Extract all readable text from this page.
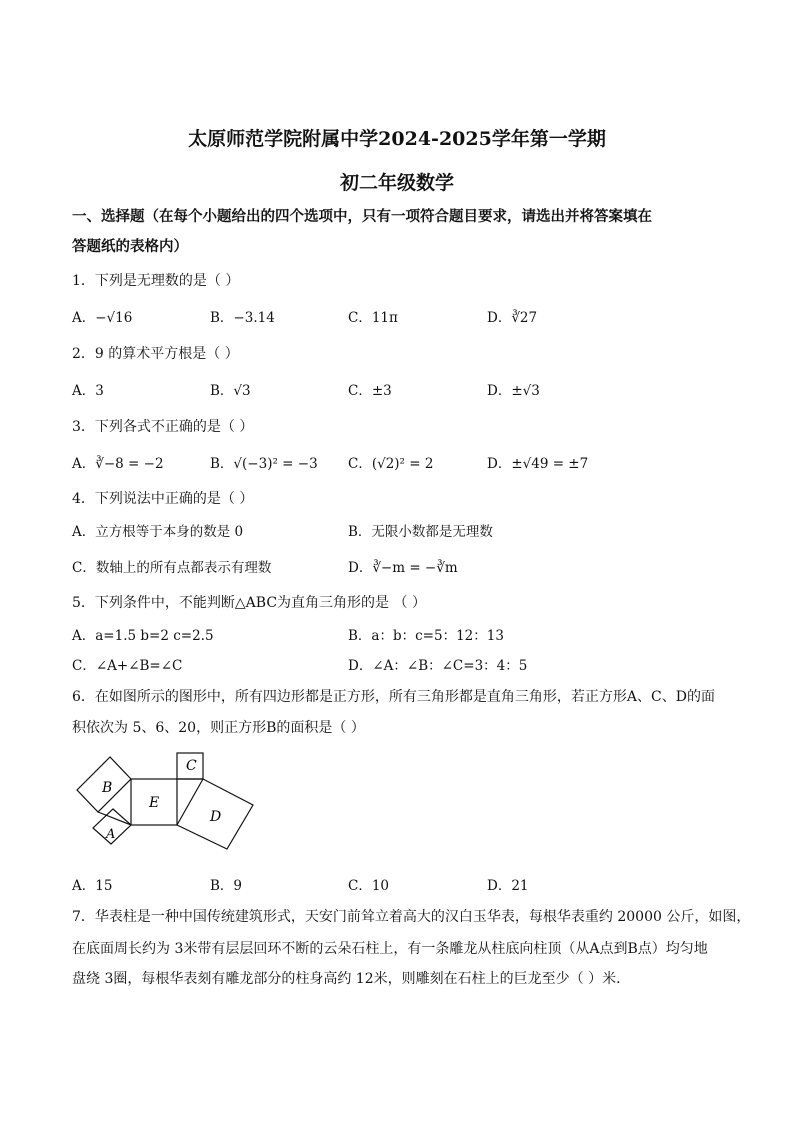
太原师范学院附属中学2024-2025学年第一学期
初二年级数学
一、选择题（在每个小题给出的四个选项中，只有一项符合题目要求，请选出并将答案填在
答题纸的表格内）
1．下列是无理数的是（ ）
A．−√16	B．−3.14	C．11π	D．∛27
2．9 的算术平方根是（ ）
A．3	B．√3	C．±3	D．±√3
3．下列各式不正确的是（ ）
A．∛−8 = −2	B．√(−3)² = −3 C．(√2)² = 2	D．±√49 = ±7
4．下列说法中正确的是（ ）
A．立方根等于本身的数是 0	B．无限小数都是无理数
C．数轴上的所有点都表示有理数	D．∛−m = −∛m
5．下列条件中，不能判断△ABC为直角三角形的是 （ ）
A．a=1.5 b=2 c=2.5	B．a：b：c=5：12：13
C．∠A+∠B=∠C	D．∠A：∠B：∠C=3：4：5
6．在如图所示的图形中，所有四边形都是正方形，所有三角形都是直角三角形，若正方形A、C、D的面
积依次为 5、6、20，则正方形B的面积是（ ）
B
A
E
C
D
A．15	B．9	C．10	D．21
7．华表柱是一种中国传统建筑形式，天安门前耸立着高大的汉白玉华表，每根华表重约 20000 公斤，如图，
在底面周长约为 3米带有层层回环不断的云朵石柱上，有一条雕龙从柱底向柱顶（从A点到B点）均匀地
盘绕 3圈，每根华表刻有雕龙部分的柱身高约 12米，则雕刻在石柱上的巨龙至少（ ）米．
